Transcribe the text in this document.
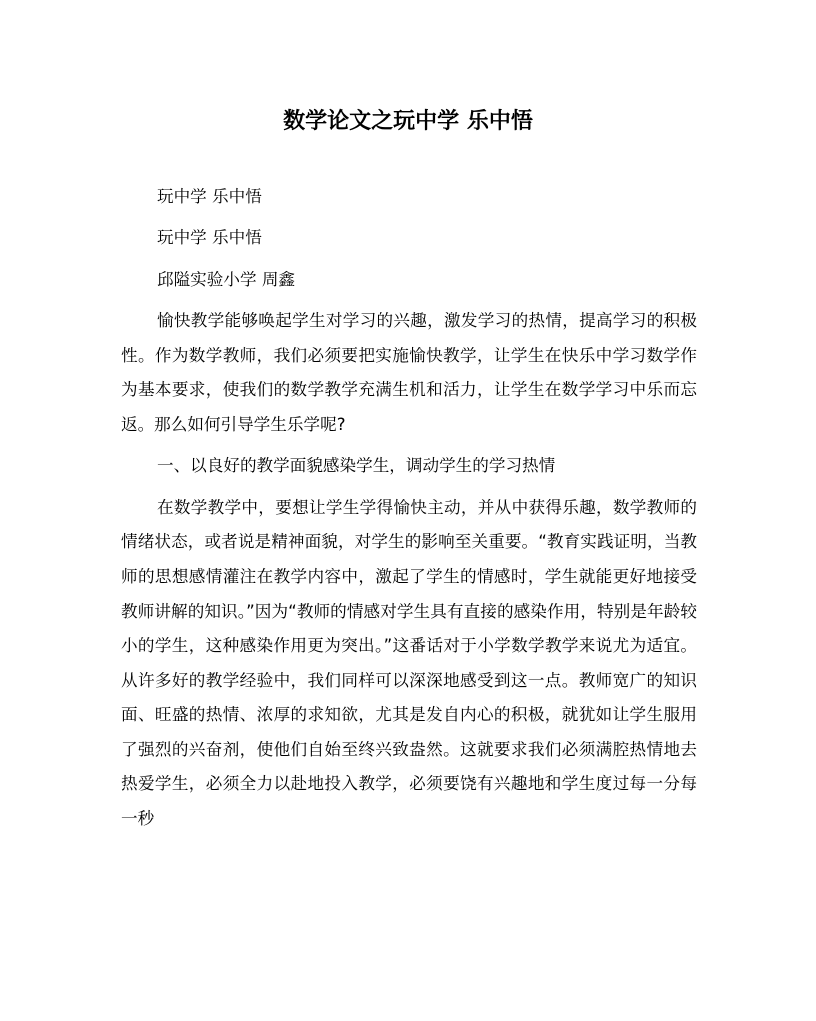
数学论文之玩中学 乐中悟

玩中学 乐中悟

玩中学 乐中悟

邱隘实验小学 周鑫

愉快教学能够唤起学生对学习的兴趣，激发学习的热情，提高学习的积极性。作为数学教师，我们必须要把实施愉快教学，让学生在快乐中学习数学作为基本要求，使我们的数学教学充满生机和活力，让学生在数学学习中乐而忘返。那么如何引导学生乐学呢?

一、以良好的教学面貌感染学生，调动学生的学习热情

在数学教学中，要想让学生学得愉快主动，并从中获得乐趣，数学教师的情绪状态，或者说是精神面貌，对学生的影响至关重要。“教育实践证明，当教师的思想感情灌注在教学内容中，激起了学生的情感时，学生就能更好地接受教师讲解的知识。”因为“教师的情感对学生具有直接的感染作用，特别是年龄较小的学生，这种感染作用更为突出。”这番话对于小学数学教学来说尤为适宜。从许多好的教学经验中，我们同样可以深深地感受到这一点。教师宽广的知识面、旺盛的热情、浓厚的求知欲，尤其是发自内心的积极，就犹如让学生服用了强烈的兴奋剂，使他们自始至终兴致盎然。这就要求我们必须满腔热情地去热爱学生，必须全力以赴地投入教学，必须要饶有兴趣地和学生度过每一分每一秒
